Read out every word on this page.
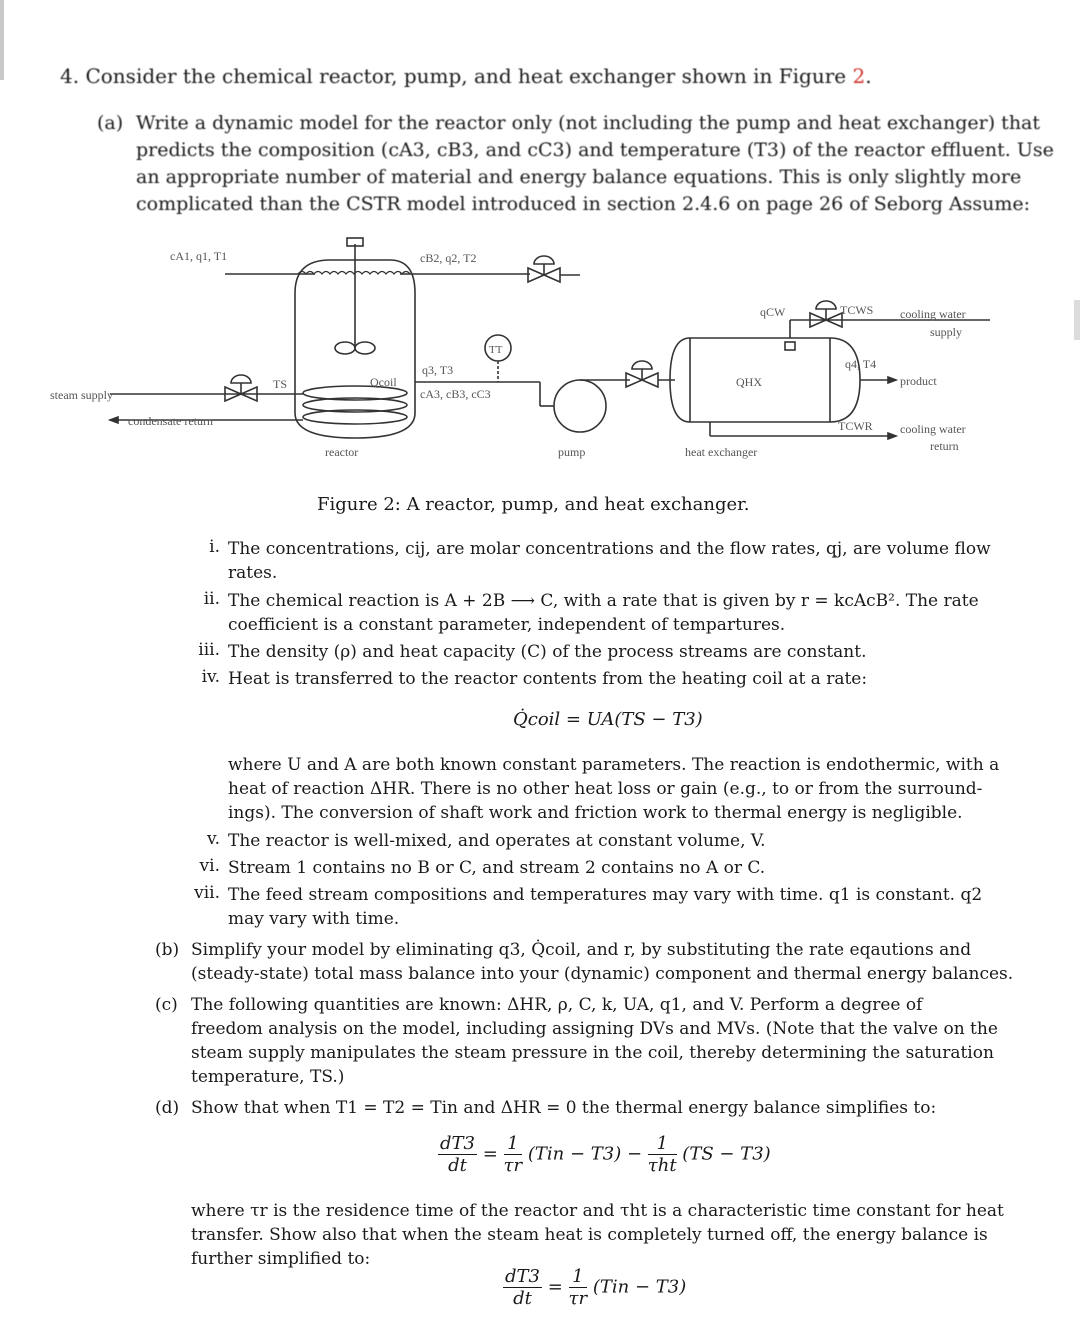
4. Consider the chemical reactor, pump, and heat exchanger shown in Figure 2.
(a) Write a dynamic model for the reactor only (not including the pump and heat exchanger) that
predicts the composition (cA3, cB3, and cC3) and temperature (T3) of the reactor effluent. Use
an appropriate number of material and energy balance equations. This is only slightly more
complicated than the CSTR model introduced in section 2.4.6 on page 26 of Seborg Assume:
cA1, q1, T1	cB2, q2, T2
Qcoil
TS
steam supply
condensate return
reactor
q3, T3
cA3, cB3, cC3
TT
pump
QHX
heat exchanger
qCW	TCWS cooling water
supply
q4, T4
product
TCWR cooling water
return
Figure 2: A reactor, pump, and heat exchanger.
i. The concentrations, cij, are molar concentrations and the flow rates, qj, are volume flow
rates.
ii. The chemical reaction is A + 2B ⟶ C, with a rate that is given by r = kcAcB². The rate
coefficient is a constant parameter, independent of tempartures.
iii. The density (ρ) and heat capacity (C) of the process streams are constant.
iv. Heat is transferred to the reactor contents from the heating coil at a rate:
Q̇coil = UA(TS − T3)
where U and A are both known constant parameters. The reaction is endothermic, with a
heat of reaction ΔHR. There is no other heat loss or gain (e.g., to or from the surround-
ings). The conversion of shaft work and friction work to thermal energy is negligible.
v. The reactor is well-mixed, and operates at constant volume, V.
vi. Stream 1 contains no B or C, and stream 2 contains no A or C.
vii. The feed stream compositions and temperatures may vary with time. q1 is constant. q2
may vary with time.
(b) Simplify your model by eliminating q3, Q̇coil, and r, by substituting the rate eqautions and
(steady-state) total mass balance into your (dynamic) component and thermal energy balances.
(c) The following quantities are known: ΔHR, ρ, C, k, UA, q1, and V. Perform a degree of
freedom analysis on the model, including assigning DVs and MVs. (Note that the valve on the
steam supply manipulates the steam pressure in the coil, thereby determining the saturation
temperature, TS.)
(d) Show that when T1 = T2 = Tin and ΔHR = 0 the thermal energy balance simplifies to:
$\frac{dT3}{dt} = \frac{1}{\tau r} (Tin - T3) - \frac{1}{\text{τht}} (TS - T3)$
where τr is the residence time of the reactor and τht is a characteristic time constant for heat
transfer. Show also that when the steam heat is completely turned off, the energy balance is
further simplified to:
$\frac{dT3}{dt} = \frac{1}{\tau r} (Tin - T3)$
